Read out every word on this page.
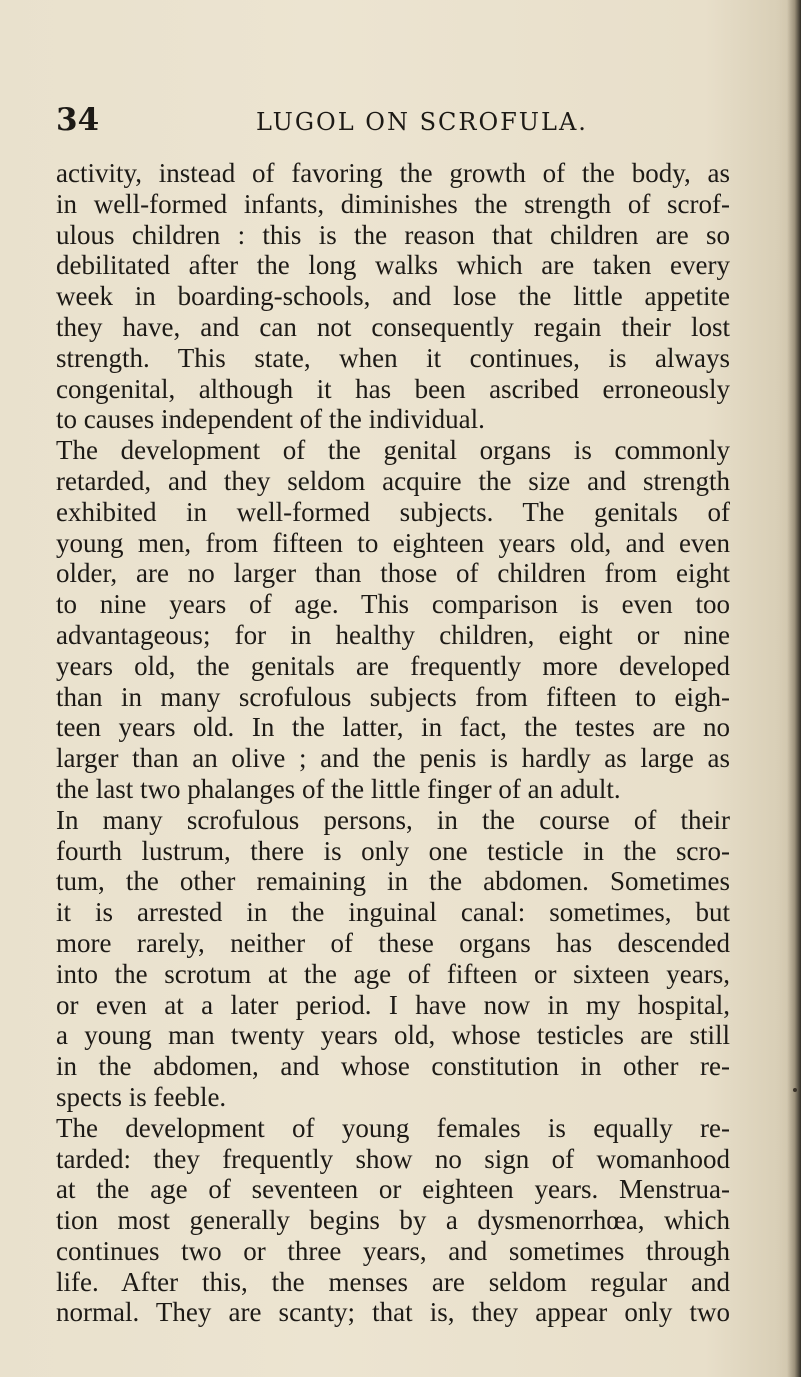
34	LUGOL ON SCROFULA.
activity, instead of favoring the growth of the body, as
in well-formed infants, diminishes the strength of scrof-
ulous children : this is the reason that children are so
debilitated after the long walks which are taken every
week in boarding-schools, and lose the little appetite
they have, and can not consequently regain their lost
strength. This state, when it continues, is always
congenital, although it has been ascribed erroneously
to causes independent of the individual.
The development of the genital organs is commonly
retarded, and they seldom acquire the size and strength
exhibited in well-formed subjects. The genitals of
young men, from fifteen to eighteen years old, and even
older, are no larger than those of children from eight
to nine years of age. This comparison is even too
advantageous; for in healthy children, eight or nine
years old, the genitals are frequently more developed
than in many scrofulous subjects from fifteen to eigh-
teen years old. In the latter, in fact, the testes are no
larger than an olive ; and the penis is hardly as large as
the last two phalanges of the little finger of an adult.
In many scrofulous persons, in the course of their
fourth lustrum, there is only one testicle in the scro-
tum, the other remaining in the abdomen. Sometimes
it is arrested in the inguinal canal: sometimes, but
more rarely, neither of these organs has descended
into the scrotum at the age of fifteen or sixteen years,
or even at a later period. I have now in my hospital,
a young man twenty years old, whose testicles are still
in the abdomen, and whose constitution in other re-
spects is feeble.
The development of young females is equally re-
tarded: they frequently show no sign of womanhood
at the age of seventeen or eighteen years. Menstrua-
tion most generally begins by a dysmenorrhœa, which
continues two or three years, and sometimes through
life. After this, the menses are seldom regular and
normal. They are scanty; that is, they appear only two
